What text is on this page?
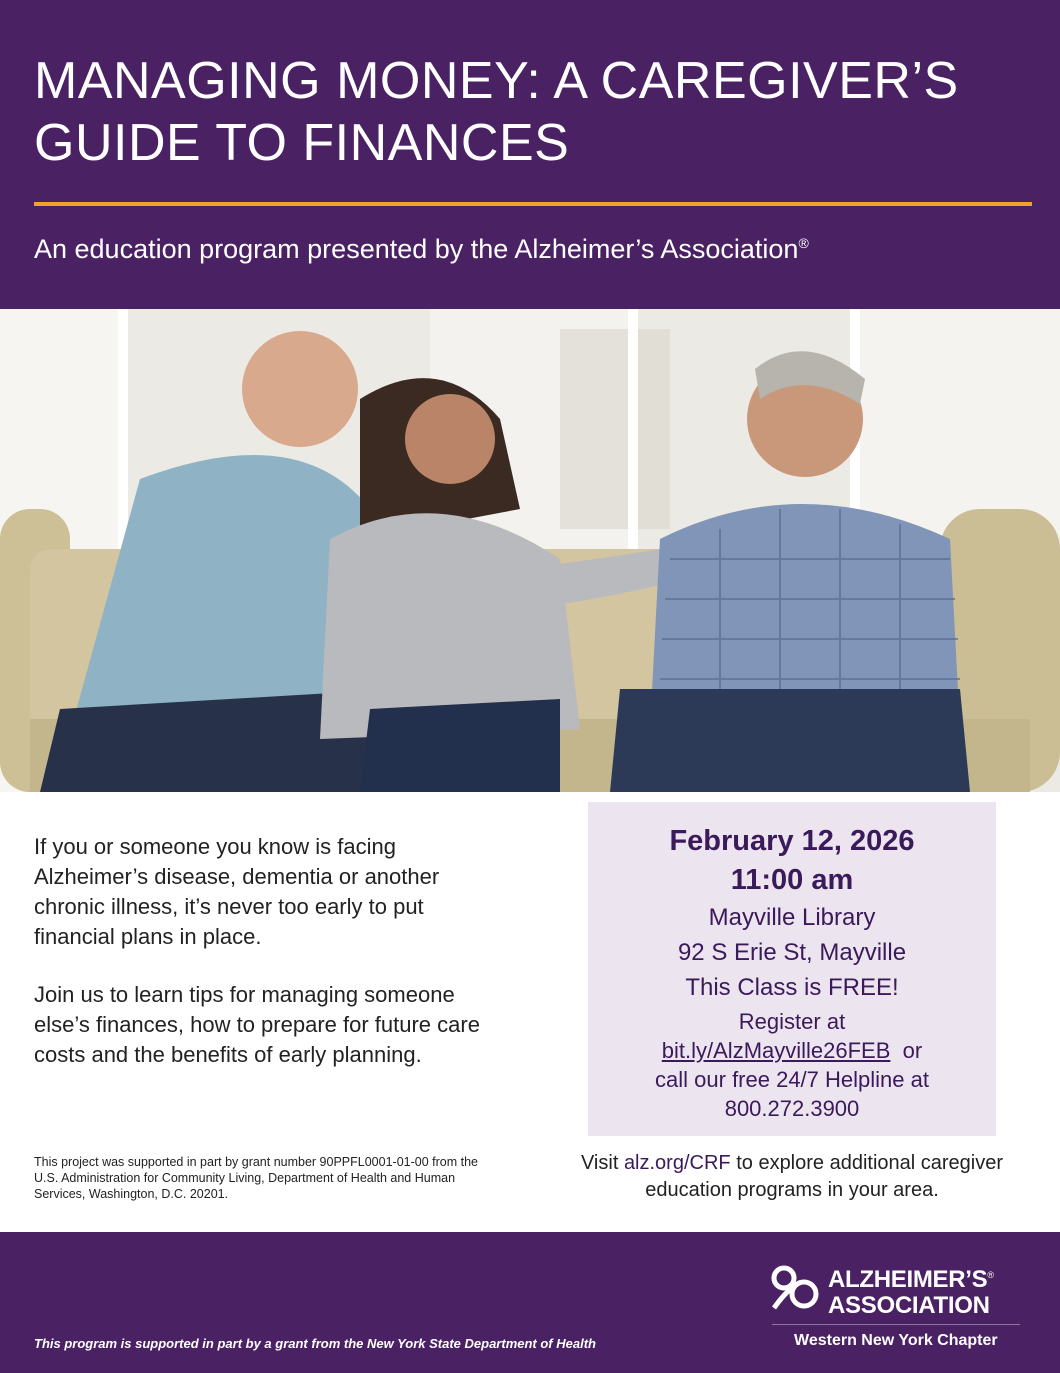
MANAGING MONEY: A CAREGIVER’S
GUIDE TO FINANCES
An education program presented by the Alzheimer’s Association®

If you or someone you know is facing Alzheimer’s disease, dementia or another chronic illness, it’s never too early to put financial plans in place.

Join us to learn tips for managing someone else’s finances, how to prepare for future care costs and the benefits of early planning.

This project was supported in part by grant number 90PPFL0001-01-00 from the U.S. Administration for Community Living, Department of Health and Human Services, Washington, D.C. 20201.
February 12, 2026
11:00 am
Mayville Library
92 S Erie St, Mayville
This Class is FREE!
Register at
bit.ly/AlzMayville26FEB or
call our free 24/7 Helpline at
800.272.3900
Visit alz.org/CRF to explore additional caregiver education programs in your area.
ALZHEIMER’S®
ASSOCIATION
Western New York Chapter
This program is supported in part by a grant from the New York State Department of Health
